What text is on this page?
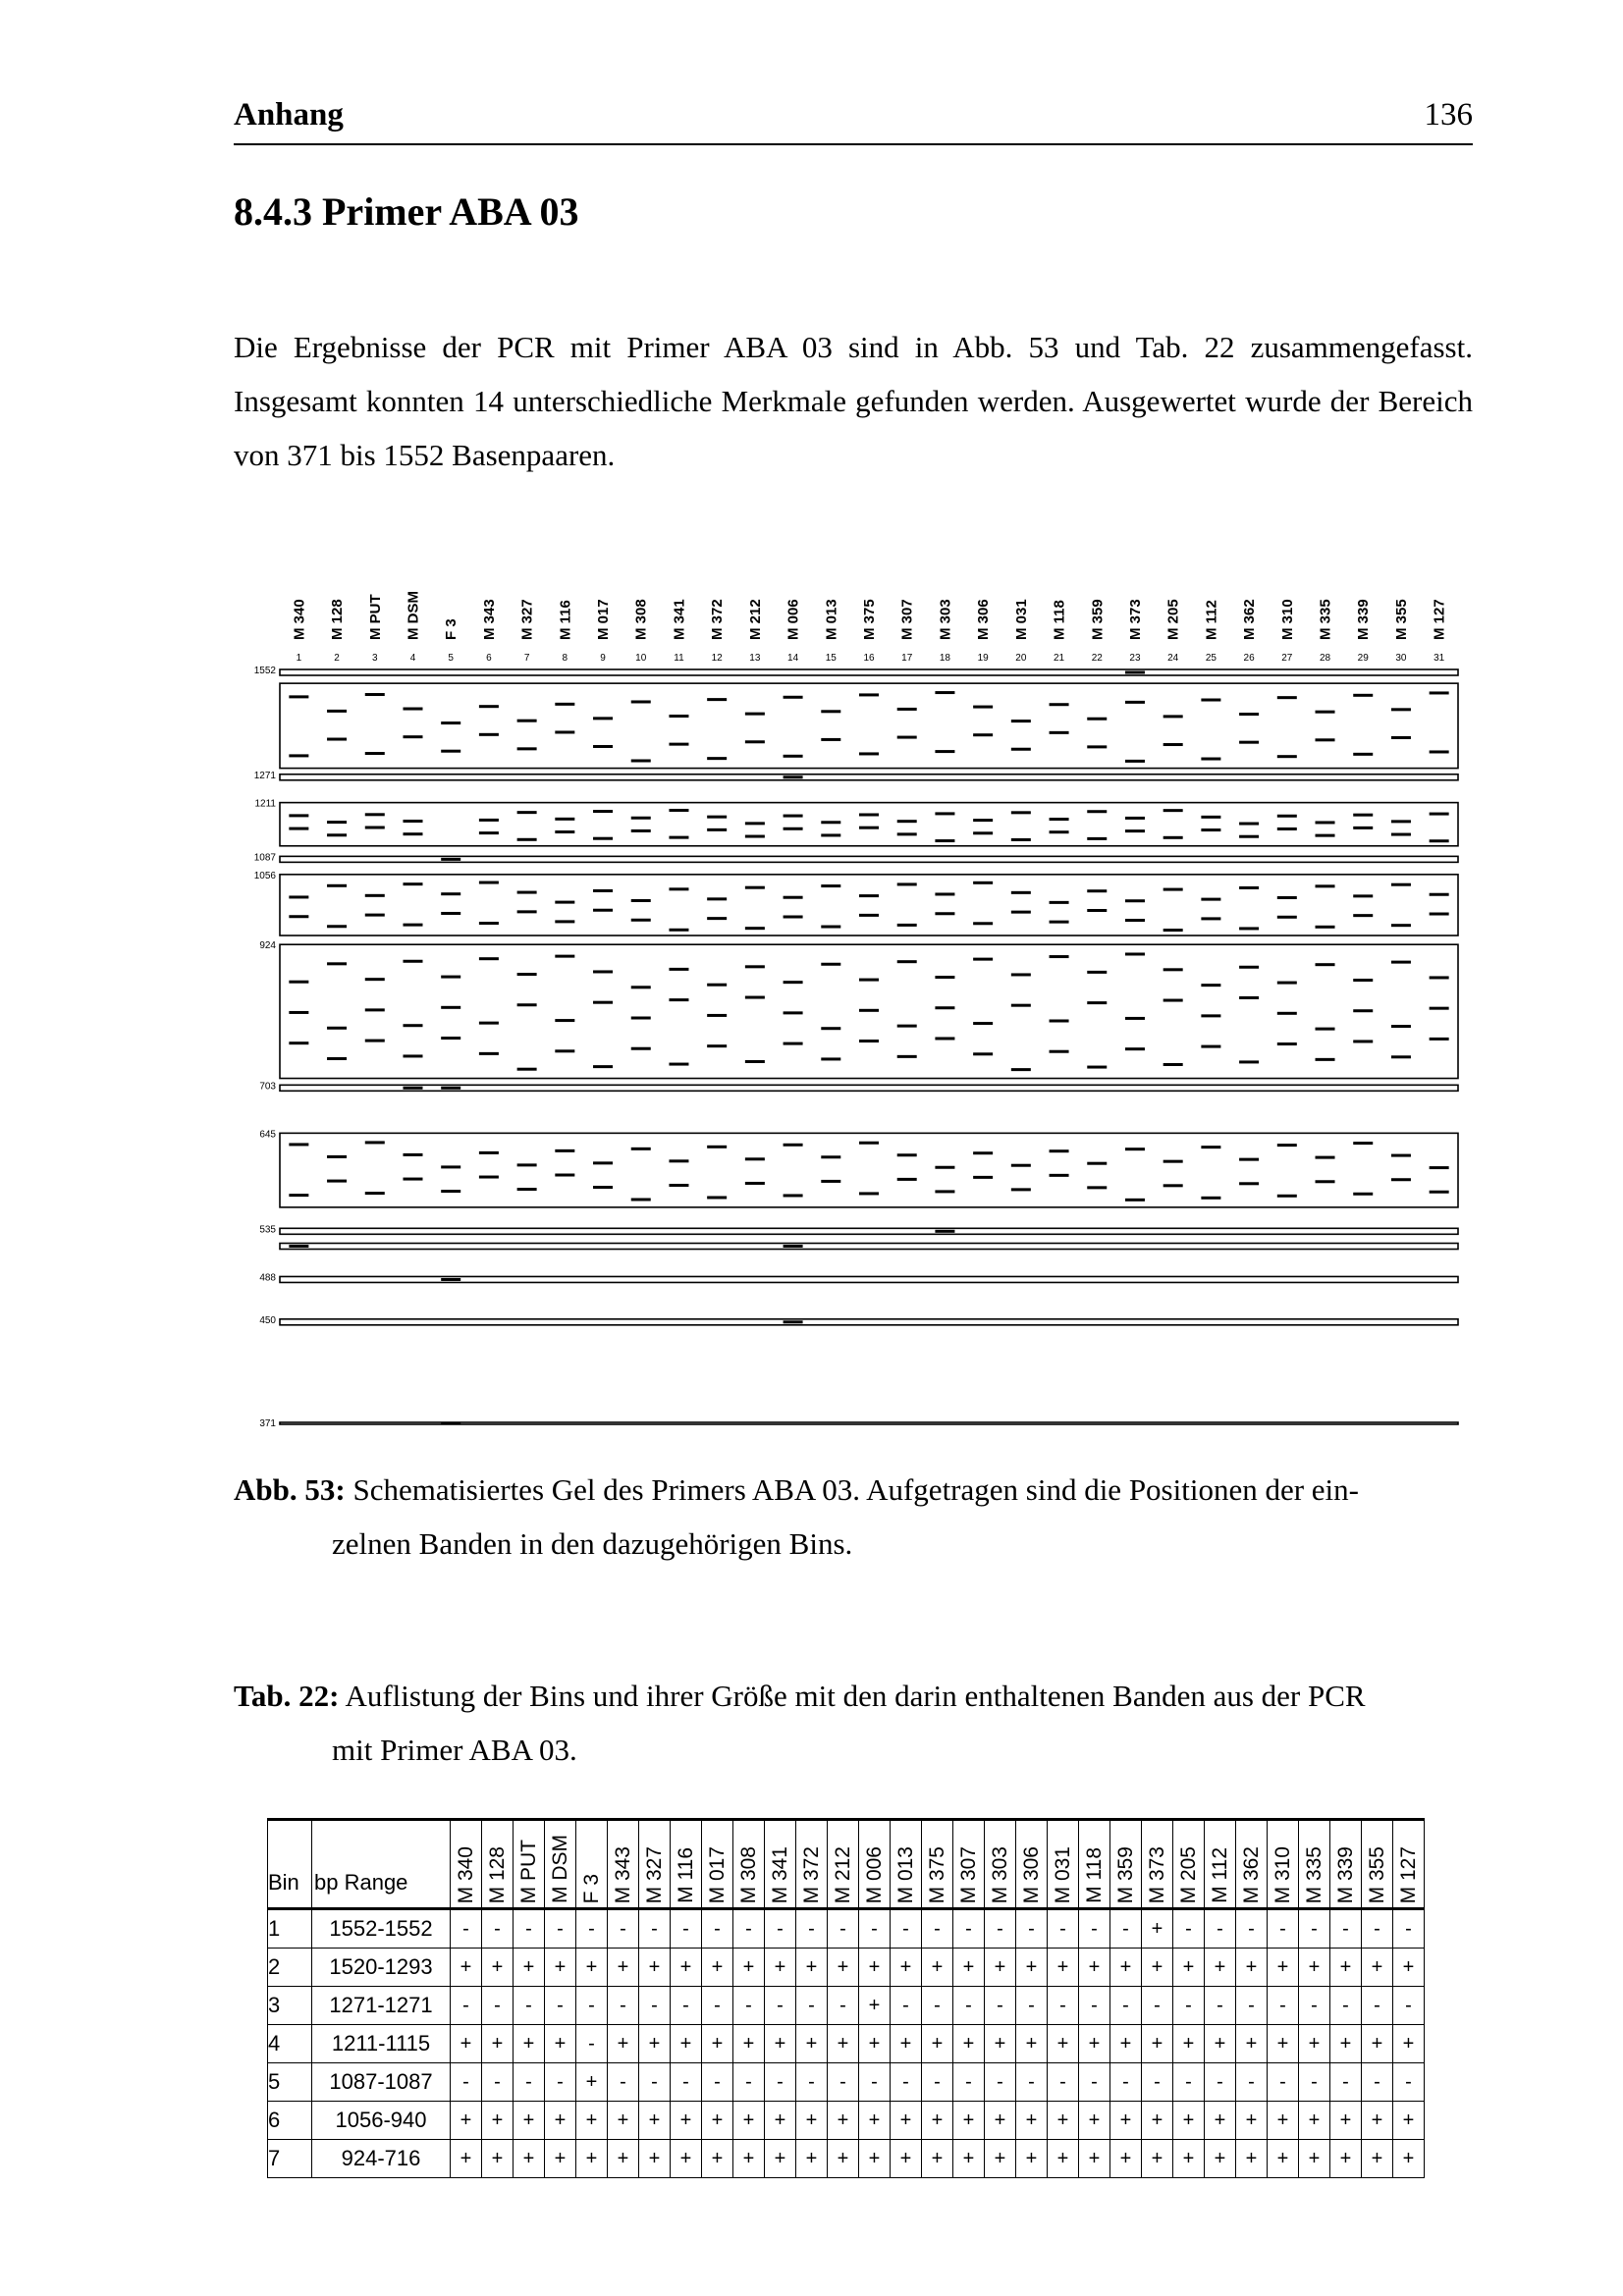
Anhang	136
8.4.3 Primer ABA 03

Die Ergebnisse der PCR mit Primer ABA 03 sind in Abb. 53 und Tab. 22 zusammengefasst. Insgesamt konnten 14 unterschiedliche Merkmale gefunden werden. Ausgewertet wurde der Bereich von 371 bis 1552 Basenpaaren.

M 340
1
M 128
2
M PUT
3
M DSM
4
F 3
5
M 343
6
M 327
7
M 116
8
M 017
9
M 308
10
M 341
11
M 372
12
M 212
13
M 006
14
M 013
15
M 375
16
M 307
17
M 303
18
M 306
19
M 031
20
M 118
21
M 359
22
M 373
23
M 205
24
M 112
25
M 362
26
M 310
27
M 335
28
M 339
29
M 355
30
M 127
31
1552
1271
1211
1087
1056
924
703
645
535
488
450
371

Abb. 53: Schematisiertes Gel des Primers ABA 03. Aufgetragen sind die Positionen der ein-
zelnen Banden in den dazugehörigen Bins.

Tab. 22: Auflistung der Bins und ihrer Größe mit den darin enthaltenen Banden aus der PCR
mit Primer ABA 03.

Bin	bp Range	M 340	M 128	M PUT	M DSM	F 3	M 343	M 327	M 116	M 017	M 308	M 341	M 372	M 212	M 006	M 013	M 375	M 307	M 303	M 306	M 031	M 118	M 359	M 373	M 205	M 112	M 362	M 310	M 335	M 339	M 355	M 127

1	1552-1552	-	-	-	-	-	-	-	-	-	-	-	-	-	-	-	-	-	-	-	-	-	-	+	-	-	-	-	-	-	-	-
2	1520-1293	+	+	+	+	+	+	+	+	+	+	+	+	+	+	+	+	+	+	+	+	+	+	+	+	+	+	+	+	+	+	+
3	1271-1271	-	-	-	-	-	-	-	-	-	-	-	-	-	+	-	-	-	-	-	-	-	-	-	-	-	-	-	-	-	-	-
4	1211-1115	+	+	+	+	-	+	+	+	+	+	+	+	+	+	+	+	+	+	+	+	+	+	+	+	+	+	+	+	+	+	+
5	1087-1087	-	-	-	-	+	-	-	-	-	-	-	-	-	-	-	-	-	-	-	-	-	-	-	-	-	-	-	-	-	-	-
6	1056-940	+	+	+	+	+	+	+	+	+	+	+	+	+	+	+	+	+	+	+	+	+	+	+	+	+	+	+	+	+	+	+
7	924-716	+	+	+	+	+	+	+	+	+	+	+	+	+	+	+	+	+	+	+	+	+	+	+	+	+	+	+	+	+	+	+
